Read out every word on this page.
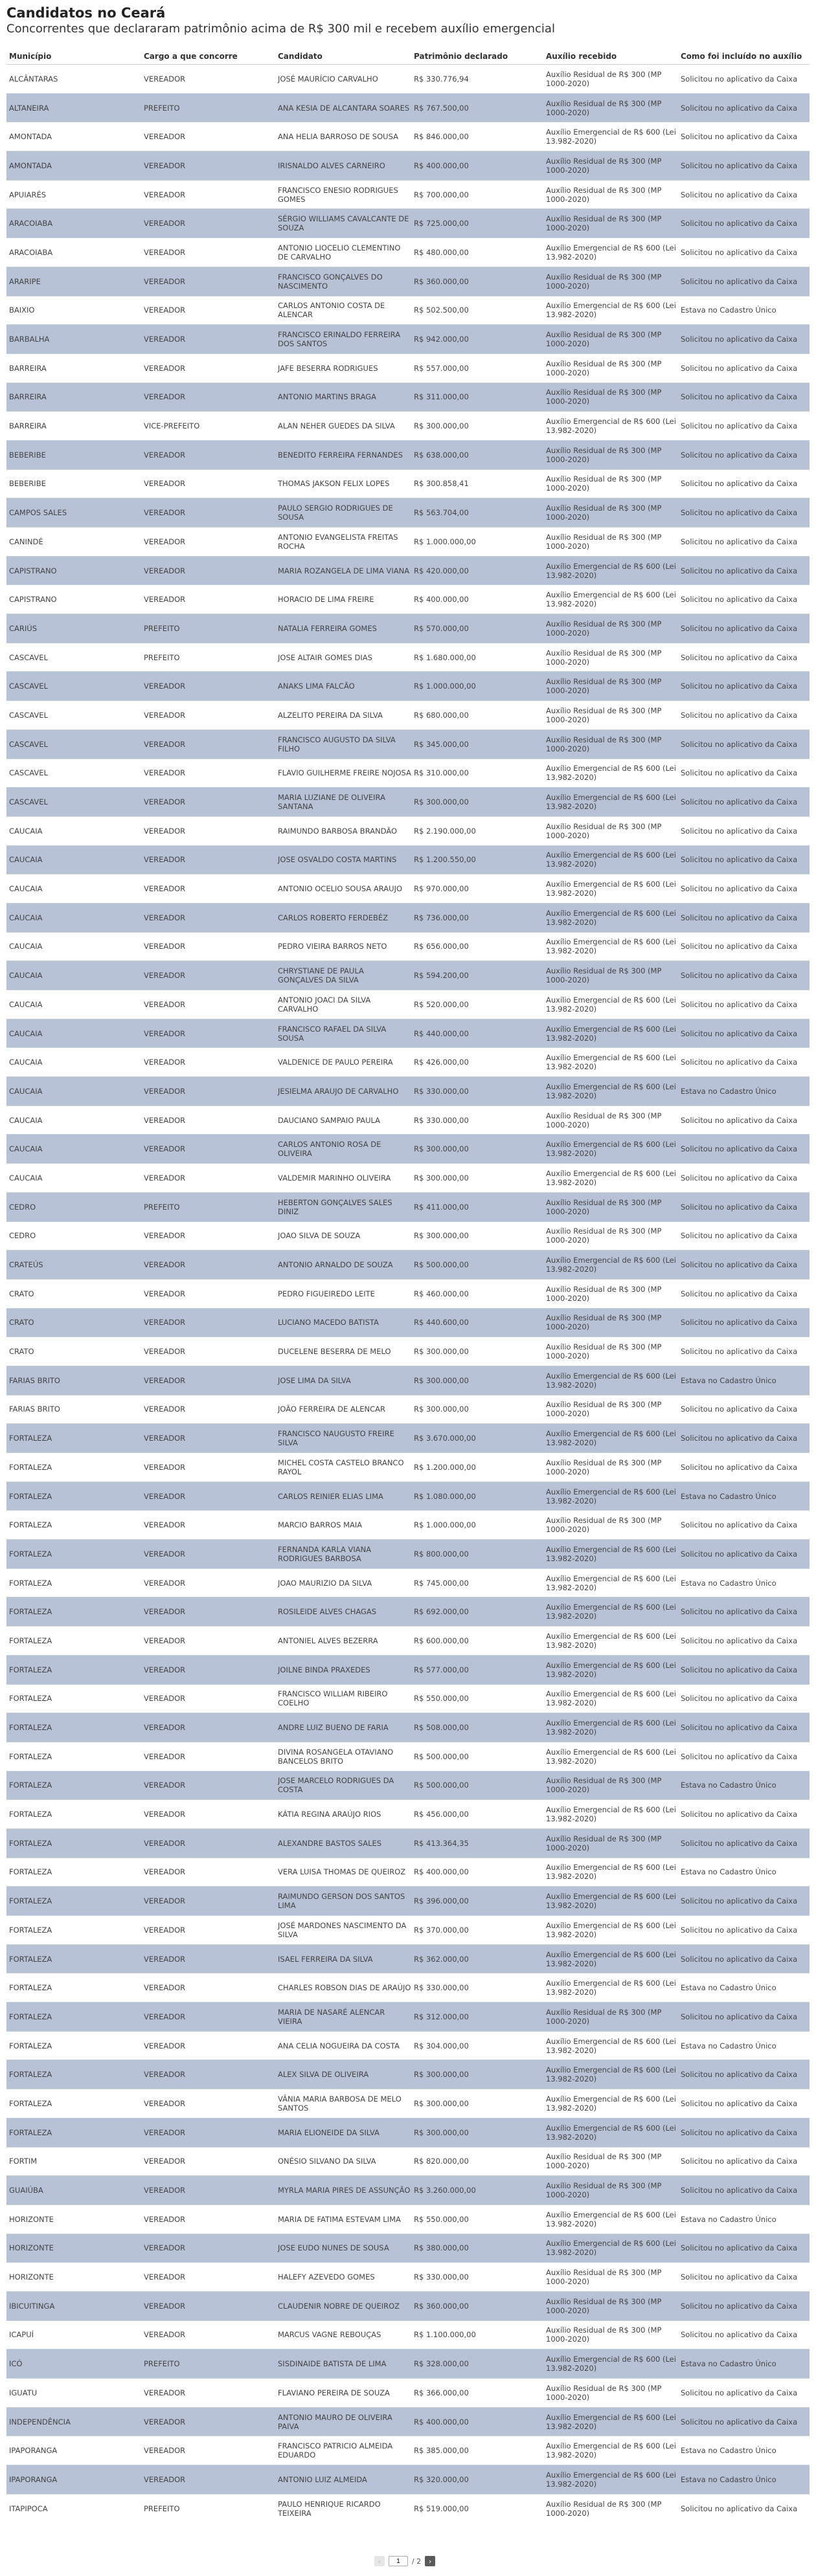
Candidatos no Ceará
Concorrentes que declararam patrimônio acima de R$ 300 mil e recebem auxílio emergencial
Município	Cargo a que concorre	Candidato	Patrimônio declarado	Auxílio recebido	Como foi incluído no auxílio
ALCÂNTARAS	VEREADOR	JOSÉ MAURÍCIO CARVALHO	R$ 330.776,94	Auxílio Residual de R$ 300 (MP 1000-2020)	Solicitou no aplicativo da Caixa
ALTANEIRA	PREFEITO	ANA KESIA DE ALCANTARA SOARES R$ 767.500,00	Auxílio Residual de R$ 300 (MP 1000-2020)	Solicitou no aplicativo da Caixa
AMONTADA	VEREADOR	ANA HELIA BARROSO DE SOUSA	R$ 846.000,00	Auxílio Emergencial de R$ 600 (Lei 13.982-2020)	Solicitou no aplicativo da Caixa
AMONTADA	VEREADOR	IRISNALDO ALVES CARNEIRO	R$ 400.000,00	Auxílio Residual de R$ 300 (MP 1000-2020)	Solicitou no aplicativo da Caixa
APUIARÉS	VEREADOR	FRANCISCO ENESIO RODRIGUES GOMES	R$ 700.000,00	Auxílio Residual de R$ 300 (MP 1000-2020)	Solicitou no aplicativo da Caixa
ARACOIABA	VEREADOR	SÉRGIO WILLIAMS CAVALCANTE DE SOUZA	R$ 725.000,00	Auxílio Residual de R$ 300 (MP 1000-2020)	Solicitou no aplicativo da Caixa
ARACOIABA	VEREADOR	ANTONIO LIOCELIO CLEMENTINO DE CARVALHO	R$ 480.000,00	Auxílio Emergencial de R$ 600 (Lei 13.982-2020)	Solicitou no aplicativo da Caixa
ARARIPE	VEREADOR	FRANCISCO GONÇALVES DO NASCIMENTO	R$ 360.000,00	Auxílio Residual de R$ 300 (MP 1000-2020)	Solicitou no aplicativo da Caixa
BAIXIO	VEREADOR	CARLOS ANTONIO COSTA DE ALENCAR	R$ 502.500,00	Auxílio Emergencial de R$ 600 (Lei 13.982-2020)	Estava no Cadastro Único
BARBALHA	VEREADOR	FRANCISCO ERINALDO FERREIRA DOS SANTOS	R$ 942.000,00	Auxílio Residual de R$ 300 (MP 1000-2020)	Solicitou no aplicativo da Caixa
BARREIRA	VEREADOR	JAFE BESERRA RODRIGUES	R$ 557.000,00	Auxílio Residual de R$ 300 (MP 1000-2020)	Solicitou no aplicativo da Caixa
BARREIRA	VEREADOR	ANTONIO MARTINS BRAGA	R$ 311.000,00	Auxílio Residual de R$ 300 (MP 1000-2020)	Solicitou no aplicativo da Caixa
BARREIRA	VICE-PREFEITO	ALAN NEHER GUEDES DA SILVA	R$ 300.000,00	Auxílio Emergencial de R$ 600 (Lei 13.982-2020)	Solicitou no aplicativo da Caixa
BEBERIBE	VEREADOR	BENEDITO FERREIRA FERNANDES	R$ 638.000,00	Auxílio Residual de R$ 300 (MP 1000-2020)	Solicitou no aplicativo da Caixa
BEBERIBE	VEREADOR	THOMAS JAKSON FELIX LOPES	R$ 300.858,41	Auxílio Residual de R$ 300 (MP 1000-2020)	Solicitou no aplicativo da Caixa
CAMPOS SALES	VEREADOR	PAULO SERGIO RODRIGUES DE SOUSA	R$ 563.704,00	Auxílio Residual de R$ 300 (MP 1000-2020)	Solicitou no aplicativo da Caixa
CANINDÉ	VEREADOR	ANTONIO EVANGELISTA FREITAS ROCHA	R$ 1.000.000,00	Auxílio Residual de R$ 300 (MP 1000-2020)	Solicitou no aplicativo da Caixa
CAPISTRANO	VEREADOR	MARIA ROZANGELA DE LIMA VIANA R$ 420.000,00	Auxílio Emergencial de R$ 600 (Lei 13.982-2020)	Solicitou no aplicativo da Caixa
CAPISTRANO	VEREADOR	HORACIO DE LIMA FREIRE	R$ 400.000,00	Auxílio Emergencial de R$ 600 (Lei 13.982-2020)	Solicitou no aplicativo da Caixa
CARIÚS	PREFEITO	NATALIA FERREIRA GOMES	R$ 570.000,00	Auxílio Residual de R$ 300 (MP 1000-2020)	Solicitou no aplicativo da Caixa
CASCAVEL	PREFEITO	JOSE ALTAIR GOMES DIAS	R$ 1.680.000,00	Auxílio Residual de R$ 300 (MP 1000-2020)	Solicitou no aplicativo da Caixa
CASCAVEL	VEREADOR	ANAKS LIMA FALCÃO	R$ 1.000.000,00	Auxílio Residual de R$ 300 (MP 1000-2020)	Solicitou no aplicativo da Caixa
CASCAVEL	VEREADOR	ALZELITO PEREIRA DA SILVA	R$ 680.000,00	Auxílio Residual de R$ 300 (MP 1000-2020)	Solicitou no aplicativo da Caixa
CASCAVEL	VEREADOR	FRANCISCO AUGUSTO DA SILVA FILHO	R$ 345.000,00	Auxílio Residual de R$ 300 (MP 1000-2020)	Solicitou no aplicativo da Caixa
CASCAVEL	VEREADOR	FLAVIO GUILHERME FREIRE NOJOSA R$ 310.000,00	Auxílio Emergencial de R$ 600 (Lei 13.982-2020)	Solicitou no aplicativo da Caixa
CASCAVEL	VEREADOR	MARIA LUZIANE DE OLIVEIRA SANTANA	R$ 300.000,00	Auxílio Emergencial de R$ 600 (Lei 13.982-2020)	Solicitou no aplicativo da Caixa
CAUCAIA	VEREADOR	RAIMUNDO BARBOSA BRANDÃO	R$ 2.190.000,00	Auxílio Residual de R$ 300 (MP 1000-2020)	Solicitou no aplicativo da Caixa
CAUCAIA	VEREADOR	JOSE OSVALDO COSTA MARTINS	R$ 1.200.550,00	Auxílio Emergencial de R$ 600 (Lei 13.982-2020)	Solicitou no aplicativo da Caixa
CAUCAIA	VEREADOR	ANTONIO OCELIO SOUSA ARAUJO	R$ 970.000,00	Auxílio Emergencial de R$ 600 (Lei 13.982-2020)	Solicitou no aplicativo da Caixa
CAUCAIA	VEREADOR	CARLOS ROBERTO FERDEBÉZ	R$ 736.000,00	Auxílio Emergencial de R$ 600 (Lei 13.982-2020)	Solicitou no aplicativo da Caixa
CAUCAIA	VEREADOR	PEDRO VIEIRA BARROS NETO	R$ 656.000,00	Auxílio Emergencial de R$ 600 (Lei 13.982-2020)	Solicitou no aplicativo da Caixa
CAUCAIA	VEREADOR	CHRYSTIANE DE PAULA GONÇALVES DA SILVA	R$ 594.200,00	Auxílio Residual de R$ 300 (MP 1000-2020)	Solicitou no aplicativo da Caixa
CAUCAIA	VEREADOR	ANTONIO JOACI DA SILVA CARVALHO	R$ 520.000,00	Auxílio Emergencial de R$ 600 (Lei 13.982-2020)	Solicitou no aplicativo da Caixa
CAUCAIA	VEREADOR	FRANCISCO RAFAEL DA SILVA SOUSA	R$ 440.000,00	Auxílio Emergencial de R$ 600 (Lei 13.982-2020)	Solicitou no aplicativo da Caixa
CAUCAIA	VEREADOR	VALDENICE DE PAULO PEREIRA	R$ 426.000,00	Auxílio Emergencial de R$ 600 (Lei 13.982-2020)	Solicitou no aplicativo da Caixa
CAUCAIA	VEREADOR	JESIELMA ARAUJO DE CARVALHO	R$ 330.000,00	Auxílio Emergencial de R$ 600 (Lei 13.982-2020)	Estava no Cadastro Único
CAUCAIA	VEREADOR	DAUCIANO SAMPAIO PAULA	R$ 330.000,00	Auxílio Residual de R$ 300 (MP 1000-2020)	Solicitou no aplicativo da Caixa
CAUCAIA	VEREADOR	CARLOS ANTONIO ROSA DE OLIVEIRA	R$ 300.000,00	Auxílio Emergencial de R$ 600 (Lei 13.982-2020)	Solicitou no aplicativo da Caixa
CAUCAIA	VEREADOR	VALDEMIR MARINHO OLIVEIRA	R$ 300.000,00	Auxílio Emergencial de R$ 600 (Lei 13.982-2020)	Solicitou no aplicativo da Caixa
CEDRO	PREFEITO	HEBERTON GONÇALVES SALES DINIZ	R$ 411.000,00	Auxílio Residual de R$ 300 (MP 1000-2020)	Solicitou no aplicativo da Caixa
CEDRO	VEREADOR	JOAO SILVA DE SOUZA	R$ 300.000,00	Auxílio Residual de R$ 300 (MP 1000-2020)	Solicitou no aplicativo da Caixa
CRATEÚS	VEREADOR	ANTONIO ARNALDO DE SOUZA	R$ 500.000,00	Auxílio Emergencial de R$ 600 (Lei 13.982-2020)	Solicitou no aplicativo da Caixa
CRATO	VEREADOR	PEDRO FIGUEIREDO LEITE	R$ 460.000,00	Auxílio Residual de R$ 300 (MP 1000-2020)	Solicitou no aplicativo da Caixa
CRATO	VEREADOR	LUCIANO MACEDO BATISTA	R$ 440.600,00	Auxílio Residual de R$ 300 (MP 1000-2020)	Solicitou no aplicativo da Caixa
CRATO	VEREADOR	DUCELENE BESERRA DE MELO	R$ 300.000,00	Auxílio Residual de R$ 300 (MP 1000-2020)	Solicitou no aplicativo da Caixa
FARIAS BRITO	VEREADOR	JOSE LIMA DA SILVA	R$ 300.000,00	Auxílio Emergencial de R$ 600 (Lei 13.982-2020)	Estava no Cadastro Único
FARIAS BRITO	VEREADOR	JOÃO FERREIRA DE ALENCAR	R$ 300.000,00	Auxílio Residual de R$ 300 (MP 1000-2020)	Solicitou no aplicativo da Caixa
FORTALEZA	VEREADOR	FRANCISCO NAUGUSTO FREIRE SILVA	R$ 3.670.000,00	Auxílio Emergencial de R$ 600 (Lei 13.982-2020)	Solicitou no aplicativo da Caixa
FORTALEZA	VEREADOR	MICHEL COSTA CASTELO BRANCO RAYOL	R$ 1.200.000,00	Auxílio Residual de R$ 300 (MP 1000-2020)	Solicitou no aplicativo da Caixa
FORTALEZA	VEREADOR	CARLOS REINIER ELIAS LIMA	R$ 1.080.000,00	Auxílio Emergencial de R$ 600 (Lei 13.982-2020)	Estava no Cadastro Único
FORTALEZA	VEREADOR	MARCIO BARROS MAIA	R$ 1.000.000,00	Auxílio Residual de R$ 300 (MP 1000-2020)	Solicitou no aplicativo da Caixa
FORTALEZA	VEREADOR	FERNANDA KARLA VIANA RODRIGUES BARBOSA	R$ 800.000,00	Auxílio Emergencial de R$ 600 (Lei 13.982-2020)	Solicitou no aplicativo da Caixa
FORTALEZA	VEREADOR	JOAO MAURIZIO DA SILVA	R$ 745.000,00	Auxílio Emergencial de R$ 600 (Lei 13.982-2020)	Estava no Cadastro Único
FORTALEZA	VEREADOR	ROSILEIDE ALVES CHAGAS	R$ 692.000,00	Auxílio Emergencial de R$ 600 (Lei 13.982-2020)	Solicitou no aplicativo da Caixa
FORTALEZA	VEREADOR	ANTONIEL ALVES BEZERRA	R$ 600.000,00	Auxílio Emergencial de R$ 600 (Lei 13.982-2020)	Solicitou no aplicativo da Caixa
FORTALEZA	VEREADOR	JOILNE BINDA PRAXEDES	R$ 577.000,00	Auxílio Emergencial de R$ 600 (Lei 13.982-2020)	Solicitou no aplicativo da Caixa
FORTALEZA	VEREADOR	FRANCISCO WILLIAM RIBEIRO COELHO	R$ 550.000,00	Auxílio Emergencial de R$ 600 (Lei 13.982-2020)	Solicitou no aplicativo da Caixa
FORTALEZA	VEREADOR	ANDRE LUIZ BUENO DE FARIA	R$ 508.000,00	Auxílio Emergencial de R$ 600 (Lei 13.982-2020)	Solicitou no aplicativo da Caixa
FORTALEZA	VEREADOR	DIVINA ROSANGELA OTAVIANO BANCELOS BRITO	R$ 500.000,00	Auxílio Emergencial de R$ 600 (Lei 13.982-2020)	Solicitou no aplicativo da Caixa
FORTALEZA	VEREADOR	JOSE MARCELO RODRIGUES DA COSTA	R$ 500.000,00	Auxílio Residual de R$ 300 (MP 1000-2020)	Estava no Cadastro Único
FORTALEZA	VEREADOR	KÁTIA REGINA ARAÚJO RIOS	R$ 456.000,00	Auxílio Emergencial de R$ 600 (Lei 13.982-2020)	Solicitou no aplicativo da Caixa
FORTALEZA	VEREADOR	ALEXANDRE BASTOS SALES	R$ 413.364,35	Auxílio Residual de R$ 300 (MP 1000-2020)	Solicitou no aplicativo da Caixa
FORTALEZA	VEREADOR	VERA LUISA THOMAS DE QUEIROZ	R$ 400.000,00	Auxílio Emergencial de R$ 600 (Lei 13.982-2020)	Estava no Cadastro Único
FORTALEZA	VEREADOR	RAIMUNDO GERSON DOS SANTOS LIMA	R$ 396.000,00	Auxílio Emergencial de R$ 600 (Lei 13.982-2020)	Solicitou no aplicativo da Caixa
FORTALEZA	VEREADOR	JOSÉ MARDONES NASCIMENTO DA SILVA	R$ 370.000,00	Auxílio Emergencial de R$ 600 (Lei 13.982-2020)	Solicitou no aplicativo da Caixa
FORTALEZA	VEREADOR	ISAEL FERREIRA DA SILVA	R$ 362.000,00	Auxílio Emergencial de R$ 600 (Lei 13.982-2020)	Solicitou no aplicativo da Caixa
FORTALEZA	VEREADOR	CHARLES ROBSON DIAS DE ARAÚJO R$ 330.000,00	Auxílio Emergencial de R$ 600 (Lei 13.982-2020)	Estava no Cadastro Único
FORTALEZA	VEREADOR	MARIA DE NASARÉ ALENCAR VIEIRA	R$ 312.000,00	Auxílio Residual de R$ 300 (MP 1000-2020)	Solicitou no aplicativo da Caixa
FORTALEZA	VEREADOR	ANA CELIA NOGUEIRA DA COSTA	R$ 304.000,00	Auxílio Emergencial de R$ 600 (Lei 13.982-2020)	Estava no Cadastro Único
FORTALEZA	VEREADOR	ALEX SILVA DE OLIVEIRA	R$ 300.000,00	Auxílio Emergencial de R$ 600 (Lei 13.982-2020)	Solicitou no aplicativo da Caixa
FORTALEZA	VEREADOR	VÂNIA MARIA BARBOSA DE MELO SANTOS	R$ 300.000,00	Auxílio Emergencial de R$ 600 (Lei 13.982-2020)	Solicitou no aplicativo da Caixa
FORTALEZA	VEREADOR	MARIA ELIONEIDE DA SILVA	R$ 300.000,00	Auxílio Emergencial de R$ 600 (Lei 13.982-2020)	Solicitou no aplicativo da Caixa
FORTIM	VEREADOR	ONÉSIO SILVANO DA SILVA	R$ 820.000,00	Auxílio Residual de R$ 300 (MP 1000-2020)	Solicitou no aplicativo da Caixa
GUAIÚBA	VEREADOR	MYRLA MARIA PIRES DE ASSUNÇÃO R$ 3.260.000,00	Auxílio Residual de R$ 300 (MP 1000-2020)	Solicitou no aplicativo da Caixa
HORIZONTE	VEREADOR	MARIA DE FATIMA ESTEVAM LIMA	R$ 550.000,00	Auxílio Emergencial de R$ 600 (Lei 13.982-2020)	Estava no Cadastro Único
HORIZONTE	VEREADOR	JOSE EUDO NUNES DE SOUSA	R$ 380.000,00	Auxílio Emergencial de R$ 600 (Lei 13.982-2020)	Solicitou no aplicativo da Caixa
HORIZONTE	VEREADOR	HALEFY AZEVEDO GOMES	R$ 330.000,00	Auxílio Residual de R$ 300 (MP 1000-2020)	Solicitou no aplicativo da Caixa
IBICUITINGA	VEREADOR	CLAUDENIR NOBRE DE QUEIROZ	R$ 360.000,00	Auxílio Residual de R$ 300 (MP 1000-2020)	Solicitou no aplicativo da Caixa
ICAPUÍ	VEREADOR	MARCUS VAGNE REBOUÇAS	R$ 1.100.000,00	Auxílio Residual de R$ 300 (MP 1000-2020)	Solicitou no aplicativo da Caixa
ICÓ	PREFEITO	SISDINAIDE BATISTA DE LIMA	R$ 328.000,00	Auxílio Emergencial de R$ 600 (Lei 13.982-2020)	Estava no Cadastro Único
IGUATU	VEREADOR	FLAVIANO PEREIRA DE SOUZA	R$ 366.000,00	Auxílio Residual de R$ 300 (MP 1000-2020)	Solicitou no aplicativo da Caixa
INDEPENDÊNCIA	VEREADOR	ANTONIO MAURO DE OLIVEIRA PAIVA	R$ 400.000,00	Auxílio Emergencial de R$ 600 (Lei 13.982-2020)	Solicitou no aplicativo da Caixa
IPAPORANGA	VEREADOR	FRANCISCO PATRICIO ALMEIDA EDUARDO	R$ 385.000,00	Auxílio Emergencial de R$ 600 (Lei 13.982-2020)	Estava no Cadastro Único
IPAPORANGA	VEREADOR	ANTONIO LUIZ ALMEIDA	R$ 320.000,00	Auxílio Emergencial de R$ 600 (Lei 13.982-2020)	Estava no Cadastro Único
ITAPIPOCA	PREFEITO	PAULO HENRIQUE RICARDO TEIXEIRA	R$ 519.000,00	Auxílio Residual de R$ 300 (MP 1000-2020)	Solicitou no aplicativo da Caixa
‹
1	/ 2 ›
